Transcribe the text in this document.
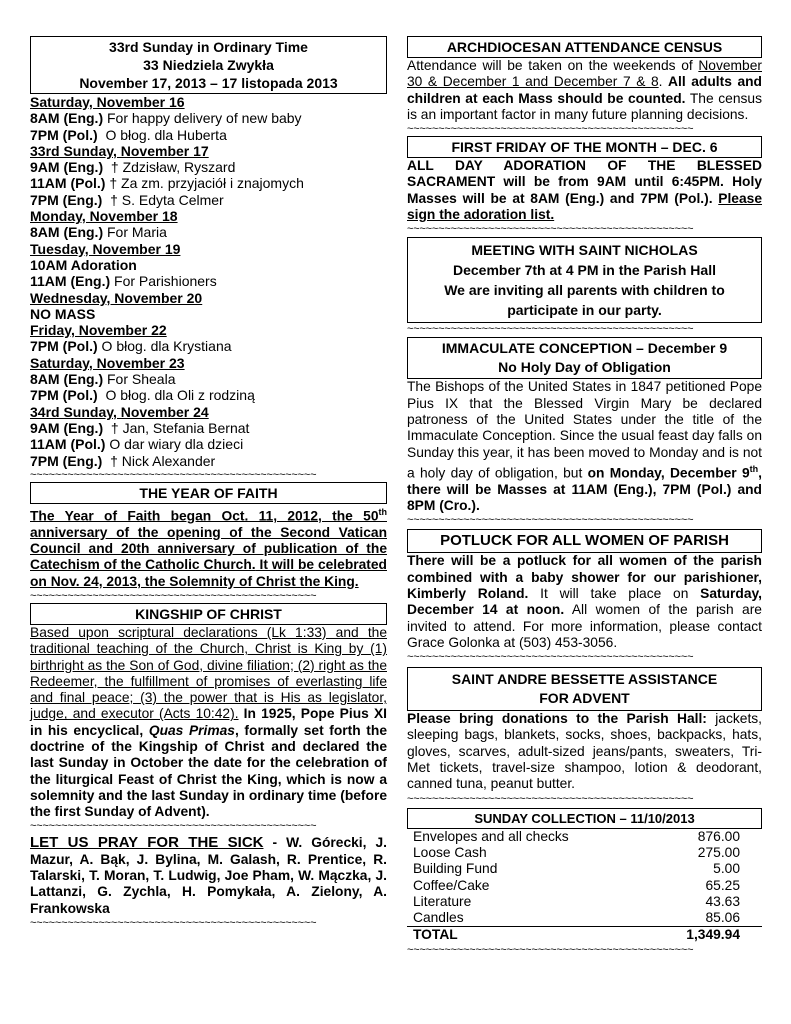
33rd Sunday in Ordinary Time
33 Niedziela Zwykła
November 17, 2013 – 17 listopada 2013
Saturday, November 16
8AM (Eng.) For happy delivery of new baby
7PM (Pol.)  O błog. dla Huberta
33rd Sunday, November 17
9AM (Eng.)  † Zdzisław, Ryszard
11AM (Pol.) † Za zm. przyjaciół i znajomych
7PM (Eng.)  † S. Edyta Celmer
Monday, November 18
8AM (Eng.) For Maria
Tuesday, November 19
10AM Adoration
11AM (Eng.) For Parishioners
Wednesday, November 20
NO MASS
Friday, November 22
7PM (Pol.) O błog. dla Krystiana
Saturday, November 23
8AM (Eng.) For Sheala
7PM (Pol.)  O błog. dla Oli z rodziną
34rd Sunday, November 24
9AM (Eng.)  † Jan, Stefania Bernat
11AM (Pol.) O dar wiary dla dzieci
7PM (Eng.)  † Nick Alexander
~~~~~~~~~~~~~~~~~~~~~~~~~~~~~~~~~~~~~~~~~~~~~~
THE YEAR OF FAITH
The Year of Faith began Oct. 11, 2012, the 50th anniversary of the opening of the Second Vatican Council and 20th anniversary of publication of the Catechism of the Catholic Church. It will be celebrated on Nov. 24, 2013, the Solemnity of Christ the King.
~~~~~~~~~~~~~~~~~~~~~~~~~~~~~~~~~~~~~~~~~~~~~~
KINGSHIP OF CHRIST
Based upon scriptural declarations (Lk 1:33) and the traditional teaching of the Church, Christ is King by (1) birthright as the Son of God, divine filiation; (2) right as the Redeemer, the fulfillment of promises of everlasting life and final peace; (3) the power that is His as legislator, judge, and executor (Acts 10:42). In 1925, Pope Pius XI in his encyclical, Quas Primas, formally set forth the doctrine of the Kingship of Christ and declared the last Sunday in October the date for the celebration of the liturgical Feast of Christ the King, which is now a solemnity and the last Sunday in ordinary time (before the first Sunday of Advent).
~~~~~~~~~~~~~~~~~~~~~~~~~~~~~~~~~~~~~~~~~~~~~~
LET US PRAY FOR THE SICK - W. Górecki, J. Mazur, A. Bąk, J. Bylina, M. Galash, R. Prentice, R. Talarski, T. Moran, T. Ludwig, Joe Pham, W. Mączka, J. Lattanzi, G. Zychla, H. Pomykała, A. Zielony, A. Frankowska
~~~~~~~~~~~~~~~~~~~~~~~~~~~~~~~~~~~~~~~~~~~~~~
ARCHDIOCESAN ATTENDANCE CENSUS
Attendance will be taken on the weekends of November 30 & December 1 and December 7 & 8. All adults and children at each Mass should be counted. The census is an important factor in many future planning decisions.
~~~~~~~~~~~~~~~~~~~~~~~~~~~~~~~~~~~~~~~~~~~~~~
FIRST FRIDAY OF THE MONTH – DEC. 6
ALL DAY ADORATION OF THE BLESSED SACRAMENT will be from 9AM until 6:45PM. Holy Masses will be at 8AM (Eng.) and 7PM (Pol.). Please sign the adoration list.
~~~~~~~~~~~~~~~~~~~~~~~~~~~~~~~~~~~~~~~~~~~~~~
MEETING WITH SAINT NICHOLAS
December 7th at 4 PM in the Parish Hall
We are inviting all parents with children to participate in our party.
~~~~~~~~~~~~~~~~~~~~~~~~~~~~~~~~~~~~~~~~~~~~~~
IMMACULATE CONCEPTION – December 9
No Holy Day of Obligation
The Bishops of the United States in 1847 petitioned Pope Pius IX that the Blessed Virgin Mary be declared patroness of the United States under the title of the Immaculate Conception. Since the usual feast day falls on Sunday this year, it has been moved to Monday and is not a holy day of obligation, but on Monday, December 9th, there will be Masses at 11AM (Eng.), 7PM (Pol.) and 8PM (Cro.).
~~~~~~~~~~~~~~~~~~~~~~~~~~~~~~~~~~~~~~~~~~~~~~
POTLUCK FOR ALL WOMEN OF PARISH
There will be a potluck for all women of the parish combined with a baby shower for our parishioner, Kimberly Roland. It will take place on Saturday, December 14 at noon. All women of the parish are invited to attend. For more information, please contact Grace Golonka at (503) 453-3056.
~~~~~~~~~~~~~~~~~~~~~~~~~~~~~~~~~~~~~~~~~~~~~~
SAINT ANDRE BESSETTE ASSISTANCE
FOR ADVENT
Please bring donations to the Parish Hall: jackets, sleeping bags, blankets, socks, shoes, backpacks, hats, gloves, scarves, adult-sized jeans/pants, sweaters, Tri-Met tickets, travel-size shampoo, lotion & deodorant, canned tuna, peanut butter.
~~~~~~~~~~~~~~~~~~~~~~~~~~~~~~~~~~~~~~~~~~~~~~
SUNDAY COLLECTION – 11/10/2013
Envelopes and all checks	876.00
Loose Cash	275.00
Building Fund	5.00
Coffee/Cake	65.25
Literature	43.63
Candles	85.06
TOTAL	1,349.94
~~~~~~~~~~~~~~~~~~~~~~~~~~~~~~~~~~~~~~~~~~~~~~
